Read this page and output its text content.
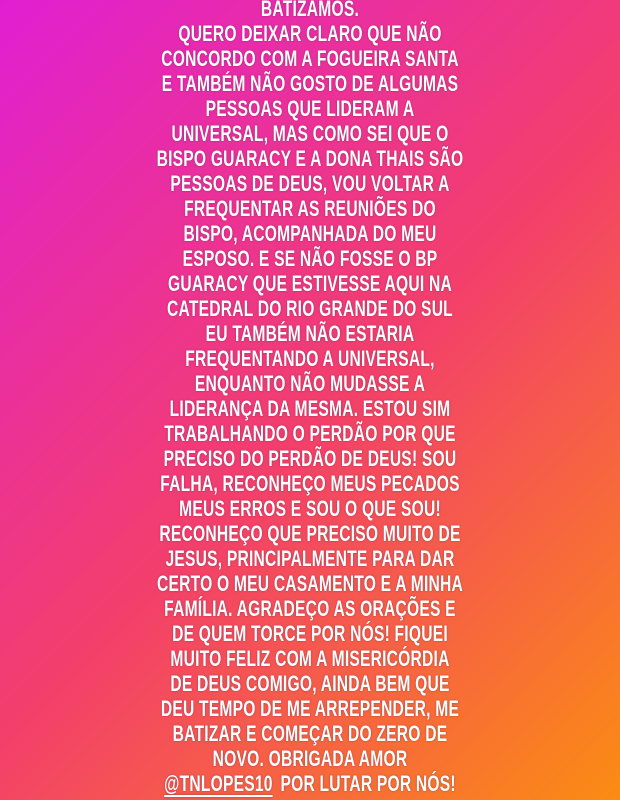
BATIZAMOS.
QUERO DEIXAR CLARO QUE NÃO
CONCORDO COM A FOGUEIRA SANTA
E TAMBÉM NÃO GOSTO DE ALGUMAS
PESSOAS QUE LIDERAM A
UNIVERSAL, MAS COMO SEI QUE O
BISPO GUARACY E A DONA THAIS SÃO
PESSOAS DE DEUS, VOU VOLTAR A
FREQUENTAR AS REUNIÕES DO
BISPO, ACOMPANHADA DO MEU
ESPOSO. E SE NÃO FOSSE O BP
GUARACY QUE ESTIVESSE AQUI NA
CATEDRAL DO RIO GRANDE DO SUL
EU TAMBÉM NÃO ESTARIA
FREQUENTANDO A UNIVERSAL,
ENQUANTO NÃO MUDASSE A
LIDERANÇA DA MESMA. ESTOU SIM
TRABALHANDO O PERDÃO POR QUE
PRECISO DO PERDÃO DE DEUS! SOU
FALHA, RECONHEÇO MEUS PECADOS
MEUS ERROS E SOU O QUE SOU!
RECONHEÇO QUE PRECISO MUITO DE
JESUS, PRINCIPALMENTE PARA DAR
CERTO O MEU CASAMENTO E A MINHA
FAMÍLIA. AGRADEÇO AS ORAÇÕES E
DE QUEM TORCE POR NÓS! FIQUEI
MUITO FELIZ COM A MISERICÓRDIA
DE DEUS COMIGO, AINDA BEM QUE
DEU TEMPO DE ME ARREPENDER, ME
BATIZAR E COMEÇAR DO ZERO DE
NOVO. OBRIGADA AMOR
@TNLOPES10 POR LUTAR POR NÓS!
